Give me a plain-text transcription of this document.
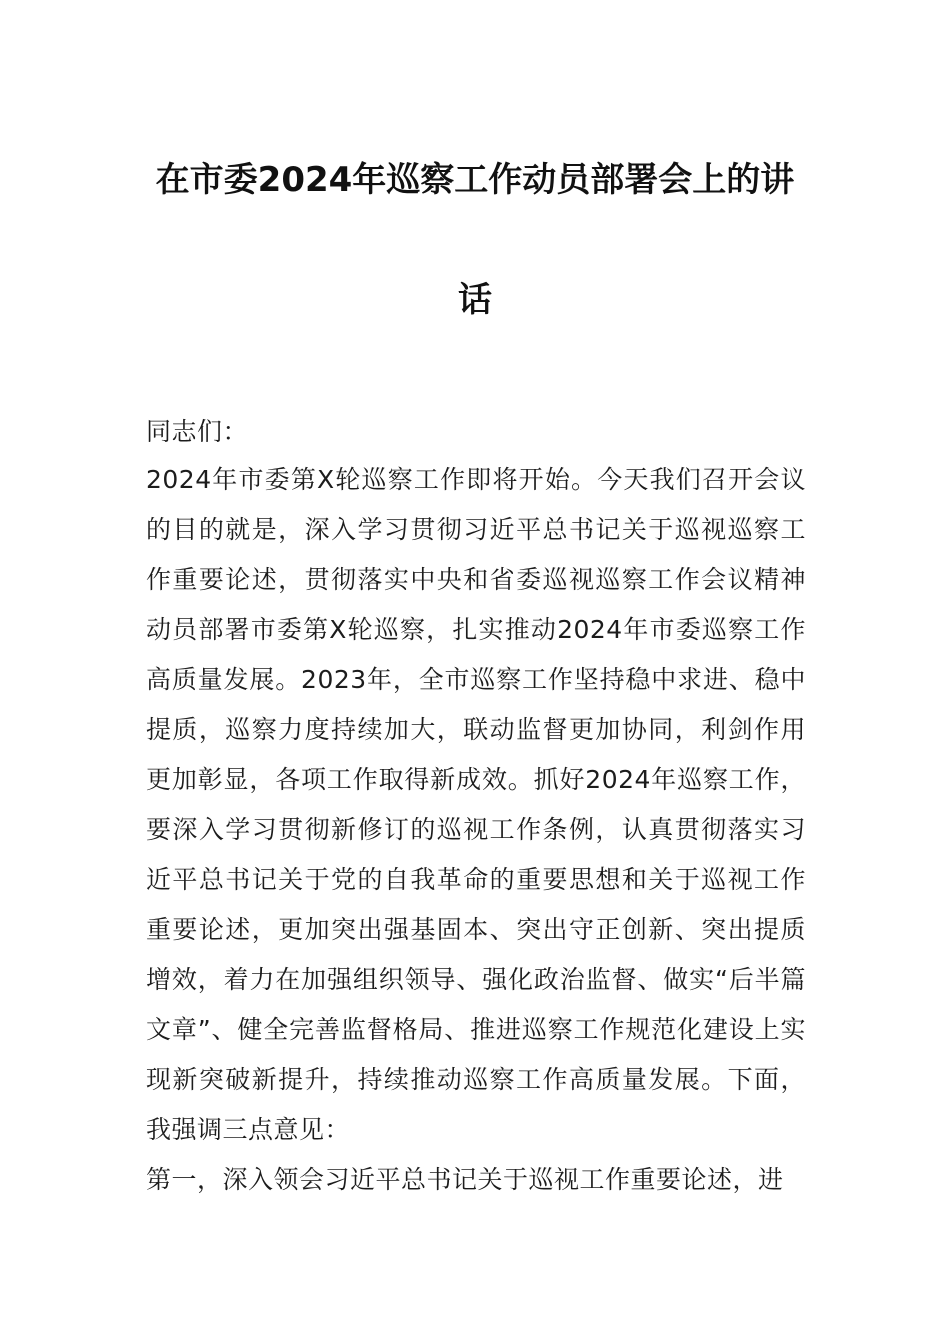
在市委2024年巡察工作动员部署会上的讲
话
同志们：
2024年市委第X轮巡察工作即将开始。今天我们召开会议的目的就是，深入学习贯彻习近平总书记关于巡视巡察工作重要论述，贯彻落实中央和省委巡视巡察工作会议精神动员部署市委第X轮巡察，扎实推动2024年市委巡察工作高质量发展。2023年，全市巡察工作坚持稳中求进、稳中提质，巡察力度持续加大，联动监督更加协同，利剑作用更加彰显，各项工作取得新成效。抓好2024年巡察工作，要深入学习贯彻新修订的巡视工作条例，认真贯彻落实习近平总书记关于党的自我革命的重要思想和关于巡视工作重要论述，更加突出强基固本、突出守正创新、突出提质增效，着力在加强组织领导、强化政治监督、做实“后半篇文章”、健全完善监督格局、推进巡察工作规范化建设上实现新突破新提升，持续推动巡察工作高质量发展。下面，我强调三点意见：
第一，深入领会习近平总书记关于巡视工作重要论述，进
